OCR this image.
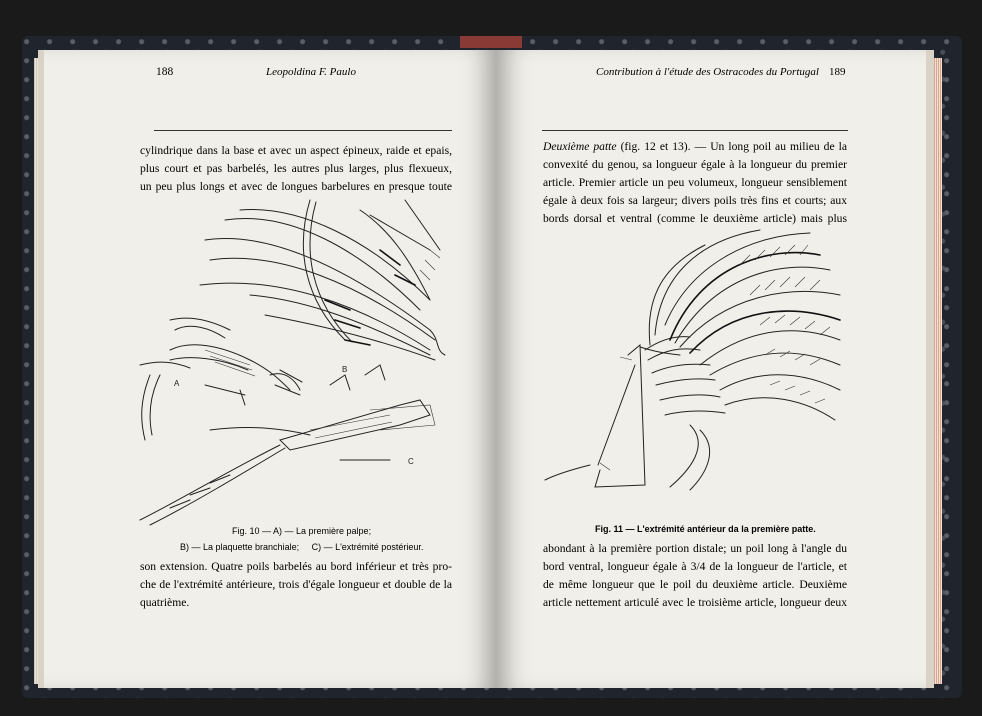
188	Leopoldina F. Paulo

cylindrique dans la base et avec un aspect épineux, raide et epais,

plus court et pas barbelés, les autres plus larges, plus flexueux,

un peu plus longs et avec de longues barbelures en presque toute

A
B
C
Fig. 10 — A) — La première palpe;
B) — La plaquette branchiale;     C) — L'extrémité postérieur.

son extension. Quatre poils barbelés au bord inférieur et très pro-

che de l'extrémité antérieure, trois d'égale longueur et double de la

quatrième.

Contribution à l'étude des Ostracodes du Portugal 189

Deuxième patte (fig. 12 et 13). — Un long poil au milieu de la

convexité du genou, sa longueur égale à la longueur du premier

article. Premier article un peu volumeux, longueur sensiblement

égale à deux fois sa largeur; divers poils très fins et courts; aux

bords dorsal et ventral (comme le deuxième article) mais plus

Fig. 11 — L'extrémité antérieur da la première patte.

abondant à la première portion distale; un poil long à l'angle du

bord ventral, longueur égale à 3/4 de la longueur de l'article, et

de même longueur que le poil du deuxième article. Deuxième

article nettement articulé avec le troisième article, longueur deux
